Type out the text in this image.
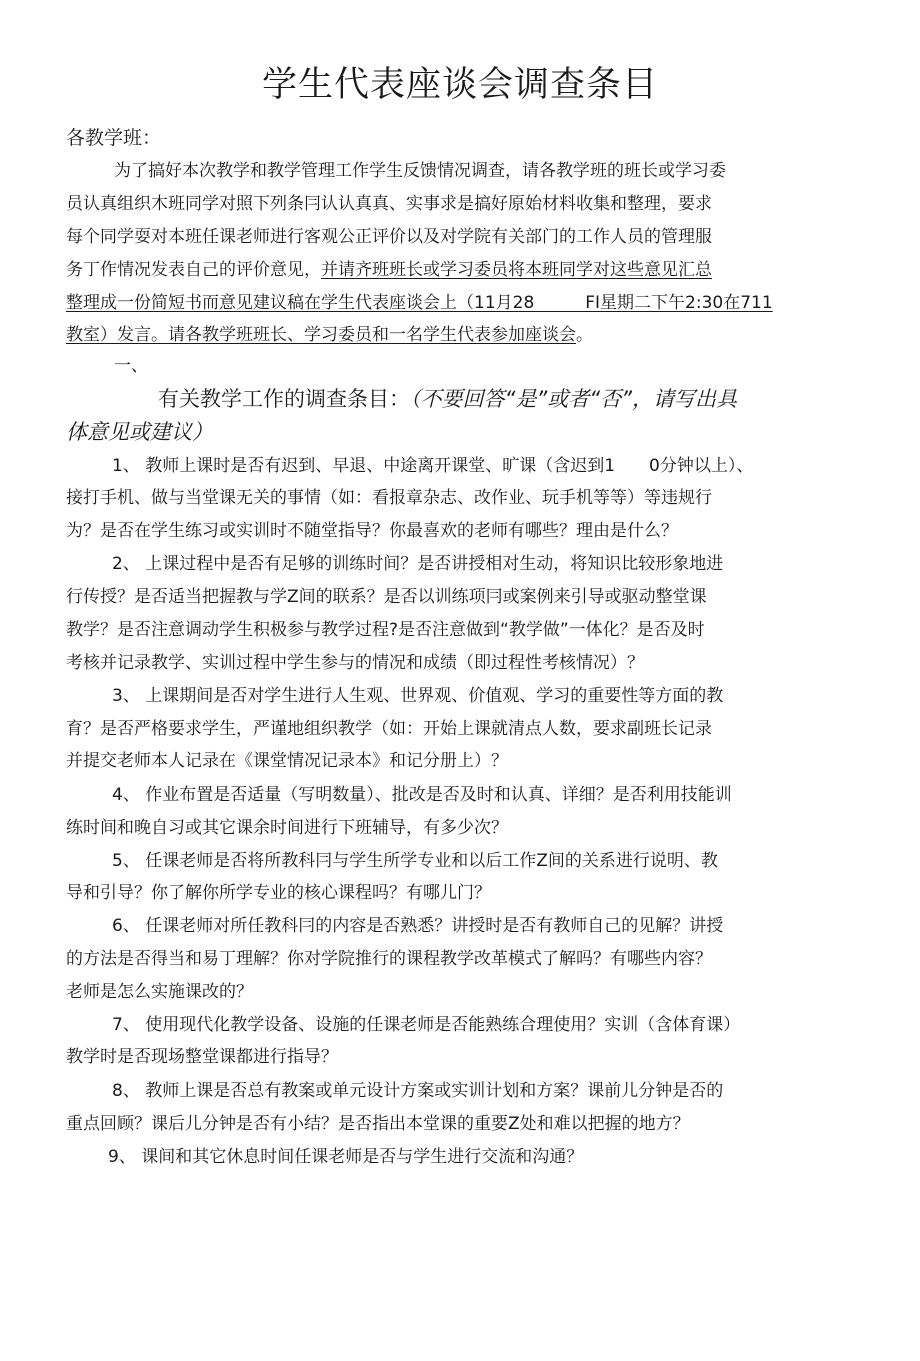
学生代表座谈会调查条目
各教学班：
为了搞好本次教学和教学管理工作学生反馈情况调查，请各教学班的班长或学习委
员认真组织木班同学对照下列条冃认认真真、实事求是搞好原始材料收集和整理，要求
每个同学耍对本班任课老师进行客观公正评价以及对学院有关部门的工作人员的管理服
务丁作情况发表自己的评价意见，并请齐班班长或学习委员将本班同学对这些意见汇总
整理成一份简短书而意见建议稿在学生代表座谈会上（11月28　　　FI星期二下午2:30在711
教室）发言。请各教学班班长、学习委员和一名学生代表参加座谈会。
一、
有关教学工作的调查条目：（不要回答“是”或者“否”，请写出具
体意见或建议）
1、 教师上课时是否有迟到、早退、中途离开课堂、旷课（含迟到1　　0分钟以上）、
接打手机、做与当堂课无关的事情（如：看报章杂志、改作业、玩手机等等）等违规行
为？是否在学生练习或实训时不随堂指导？你最喜欢的老师有哪些？理由是什么？
2、 上课过程中是否有足够的训练时间？是否讲授相对生动，将知识比较形象地进
行传授？是否适当把握教与学Z间的联系？是否以训练项冃或案例来引导或驱动整堂课
教学？是否注意调动学生积极参与教学过程?是否注意做到“教学做”一体化？是否及时
考核并记录教学、实训过程中学生参与的情况和成绩（即过程性考核情况）？
3、 上课期间是否对学生进行人生观、世界观、价值观、学习的重要性等方面的教
育？是否严格要求学生，严谨地组织教学（如：开始上课就清点人数，要求副班长记录
并提交老师本人记录在《课堂情况记录本》和记分册上）？
4、 作业布置是否适量（写明数量）、批改是否及时和认真、详细？是否利用技能训
练时间和晚自习或其它课余时间进行下班辅导，有多少次？
5、 任课老师是否将所教科冃与学生所学专业和以后工作Z间的关系进行说明、教
导和引导？你了解你所学专业的核心课程吗？有哪儿门？
6、 任课老师对所任教科冃的内容是否熟悉？讲授时是否有教师自己的见解？讲授
的方法是否得当和易丁理解？你对学院推行的课程教学改革模式了解吗？有哪些内容？
老师是怎么实施课改的？
7、 使用现代化教学设备、设施的任课老师是否能熟练合理使用？实训（含体育课）
教学时是否现场整堂课都进行指导？
8、 教师上课是否总有教案或单元设计方案或实训计划和方案？课前儿分钟是否的
重点回顾？课后儿分钟是否有小结？是否指出本堂课的重要Z处和难以把握的地方？
9、 课间和其它休息时间任课老师是否与学生进行交流和沟通？
